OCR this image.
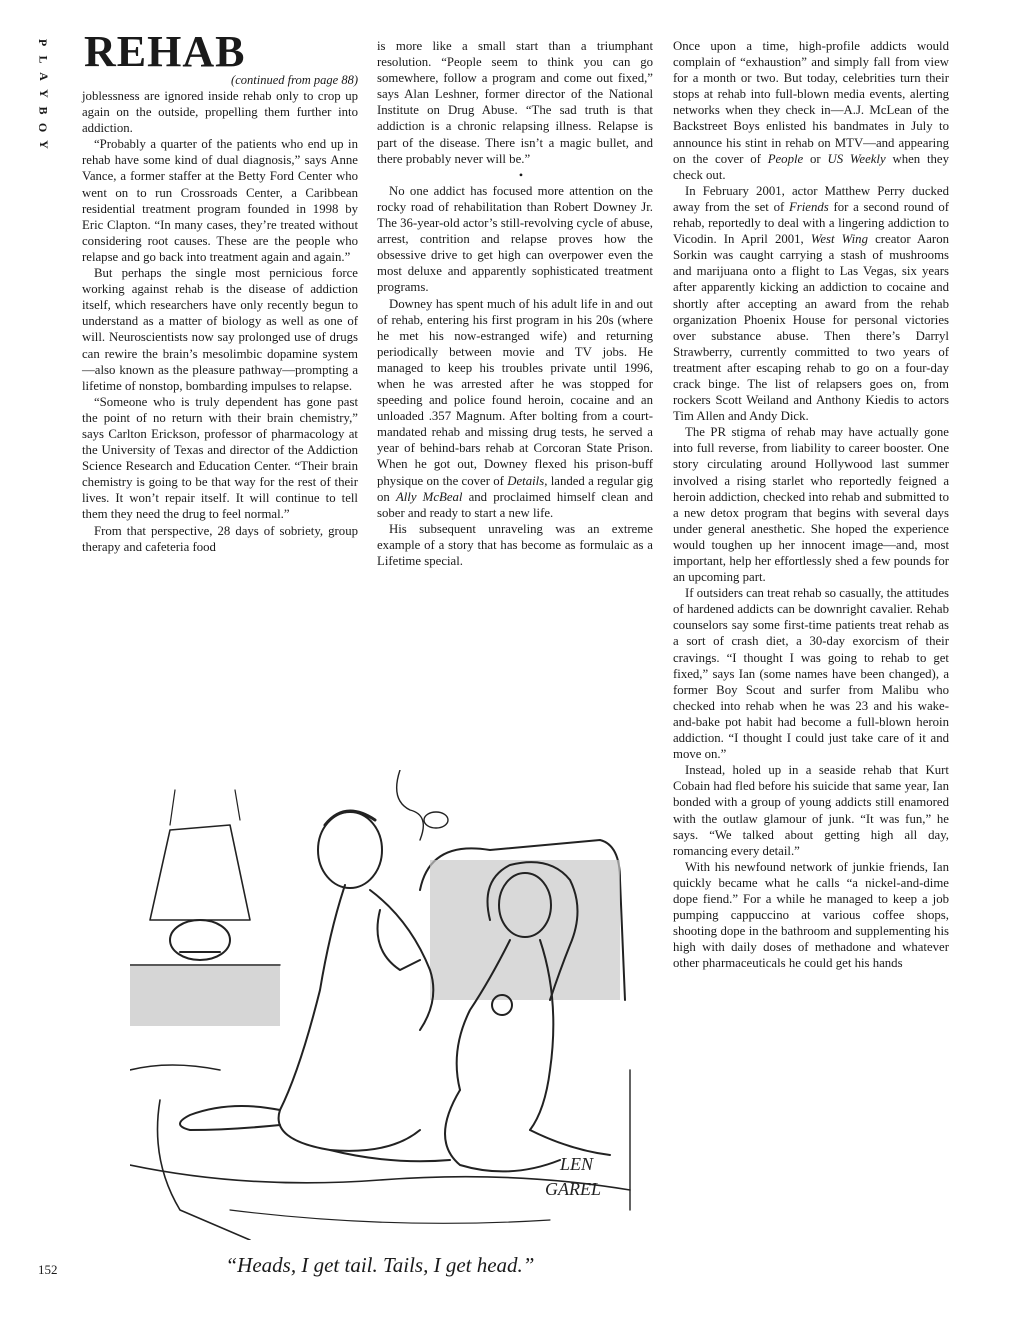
P
L
A
Y
B
O
Y
REHAB
(continued from page 88)

joblessness are ignored inside rehab only to crop up again on the outside, propelling them further into addiction.

“Probably a quarter of the patients who end up in rehab have some kind of dual diagnosis,” says Anne Vance, a former staffer at the Betty Ford Center who went on to run Crossroads Center, a Caribbean residential treatment program founded in 1998 by Eric Clapton. “In many cases, they’re treated without considering root causes. These are the people who relapse and go back into treatment again and again.”

But perhaps the single most pernicious force working against rehab is the disease of addiction itself, which researchers have only recently begun to understand as a matter of biology as well as one of will. Neuroscientists now say prolonged use of drugs can rewire the brain’s mesolimbic dopamine system—also known as the pleasure pathway—prompting a lifetime of nonstop, bombarding impulses to relapse.

“Someone who is truly dependent has gone past the point of no return with their brain chemistry,” says Carlton Erickson, professor of pharmacology at the University of Texas and director of the Addiction Science Research and Education Center. “Their brain chemistry is going to be that way for the rest of their lives. It won’t repair itself. It will continue to tell them they need the drug to feel normal.”

From that perspective, 28 days of sobriety, group therapy and cafeteria food

is more like a small start than a triumphant resolution. “People seem to think you can go somewhere, follow a program and come out fixed,” says Alan Leshner, former director of the National Institute on Drug Abuse. “The sad truth is that addiction is a chronic relapsing illness. Relapse is part of the disease. There isn’t a magic bullet, and there probably never will be.”

•

No one addict has focused more attention on the rocky road of rehabilitation than Robert Downey Jr. The 36-year-old actor’s still-revolving cycle of abuse, arrest, contrition and relapse proves how the obsessive drive to get high can overpower even the most deluxe and apparently sophisticated treatment programs.

Downey has spent much of his adult life in and out of rehab, entering his first program in his 20s (where he met his now-estranged wife) and returning periodically between movie and TV jobs. He managed to keep his troubles private until 1996, when he was arrested after he was stopped for speeding and police found heroin, cocaine and an unloaded .357 Magnum. After bolting from a court-mandated rehab and missing drug tests, he served a year of behind-bars rehab at Corcoran State Prison. When he got out, Downey flexed his prison-buff physique on the cover of Details, landed a regular gig on Ally McBeal and proclaimed himself clean and sober and ready to start a new life.

His subsequent unraveling was an extreme example of a story that has become as formulaic as a Lifetime special.

Once upon a time, high-profile addicts would complain of “exhaustion” and simply fall from view for a month or two. But today, celebrities turn their stops at rehab into full-blown media events, alerting networks when they check in—A.J. McLean of the Backstreet Boys enlisted his bandmates in July to announce his stint in rehab on MTV—and appearing on the cover of People or US Weekly when they check out.

In February 2001, actor Matthew Perry ducked away from the set of Friends for a second round of rehab, reportedly to deal with a lingering addiction to Vicodin. In April 2001, West Wing creator Aaron Sorkin was caught carrying a stash of mushrooms and marijuana onto a flight to Las Vegas, six years after apparently kicking an addiction to cocaine and shortly after accepting an award from the rehab organization Phoenix House for personal victories over substance abuse. Then there’s Darryl Strawberry, currently committed to two years of treatment after escaping rehab to go on a four-day crack binge. The list of relapsers goes on, from rockers Scott Weiland and Anthony Kiedis to actors Tim Allen and Andy Dick.

The PR stigma of rehab may have actually gone into full reverse, from liability to career booster. One story circulating around Hollywood last summer involved a rising starlet who reportedly feigned a heroin addiction, checked into rehab and submitted to a new detox program that begins with several days under general anesthetic. She hoped the experience would toughen up her innocent image—and, most important, help her effortlessly shed a few pounds for an upcoming part.

If outsiders can treat rehab so casually, the attitudes of hardened addicts can be downright cavalier. Rehab counselors say some first-time patients treat rehab as a sort of crash diet, a 30-day exorcism of their cravings. “I thought I was going to rehab to get fixed,” says Ian (some names have been changed), a former Boy Scout and surfer from Malibu who checked into rehab when he was 23 and his wake-and-bake pot habit had become a full-blown heroin addiction. “I thought I could just take care of it and move on.”

Instead, holed up in a seaside rehab that Kurt Cobain had fled before his suicide that same year, Ian bonded with a group of young addicts still enamored with the outlaw glamour of junk. “It was fun,” he says. “We talked about getting high all day, romancing every detail.”

With his newfound network of junkie friends, Ian quickly became what he calls “a nickel-and-dime dope fiend.” For a while he managed to keep a job pumping cappuccino at various coffee shops, shooting dope in the bathroom and supplementing his high with daily doses of methadone and whatever other pharmaceuticals he could get his hands

LEN
GAREL
“Heads, I get tail. Tails, I get head.”
152
